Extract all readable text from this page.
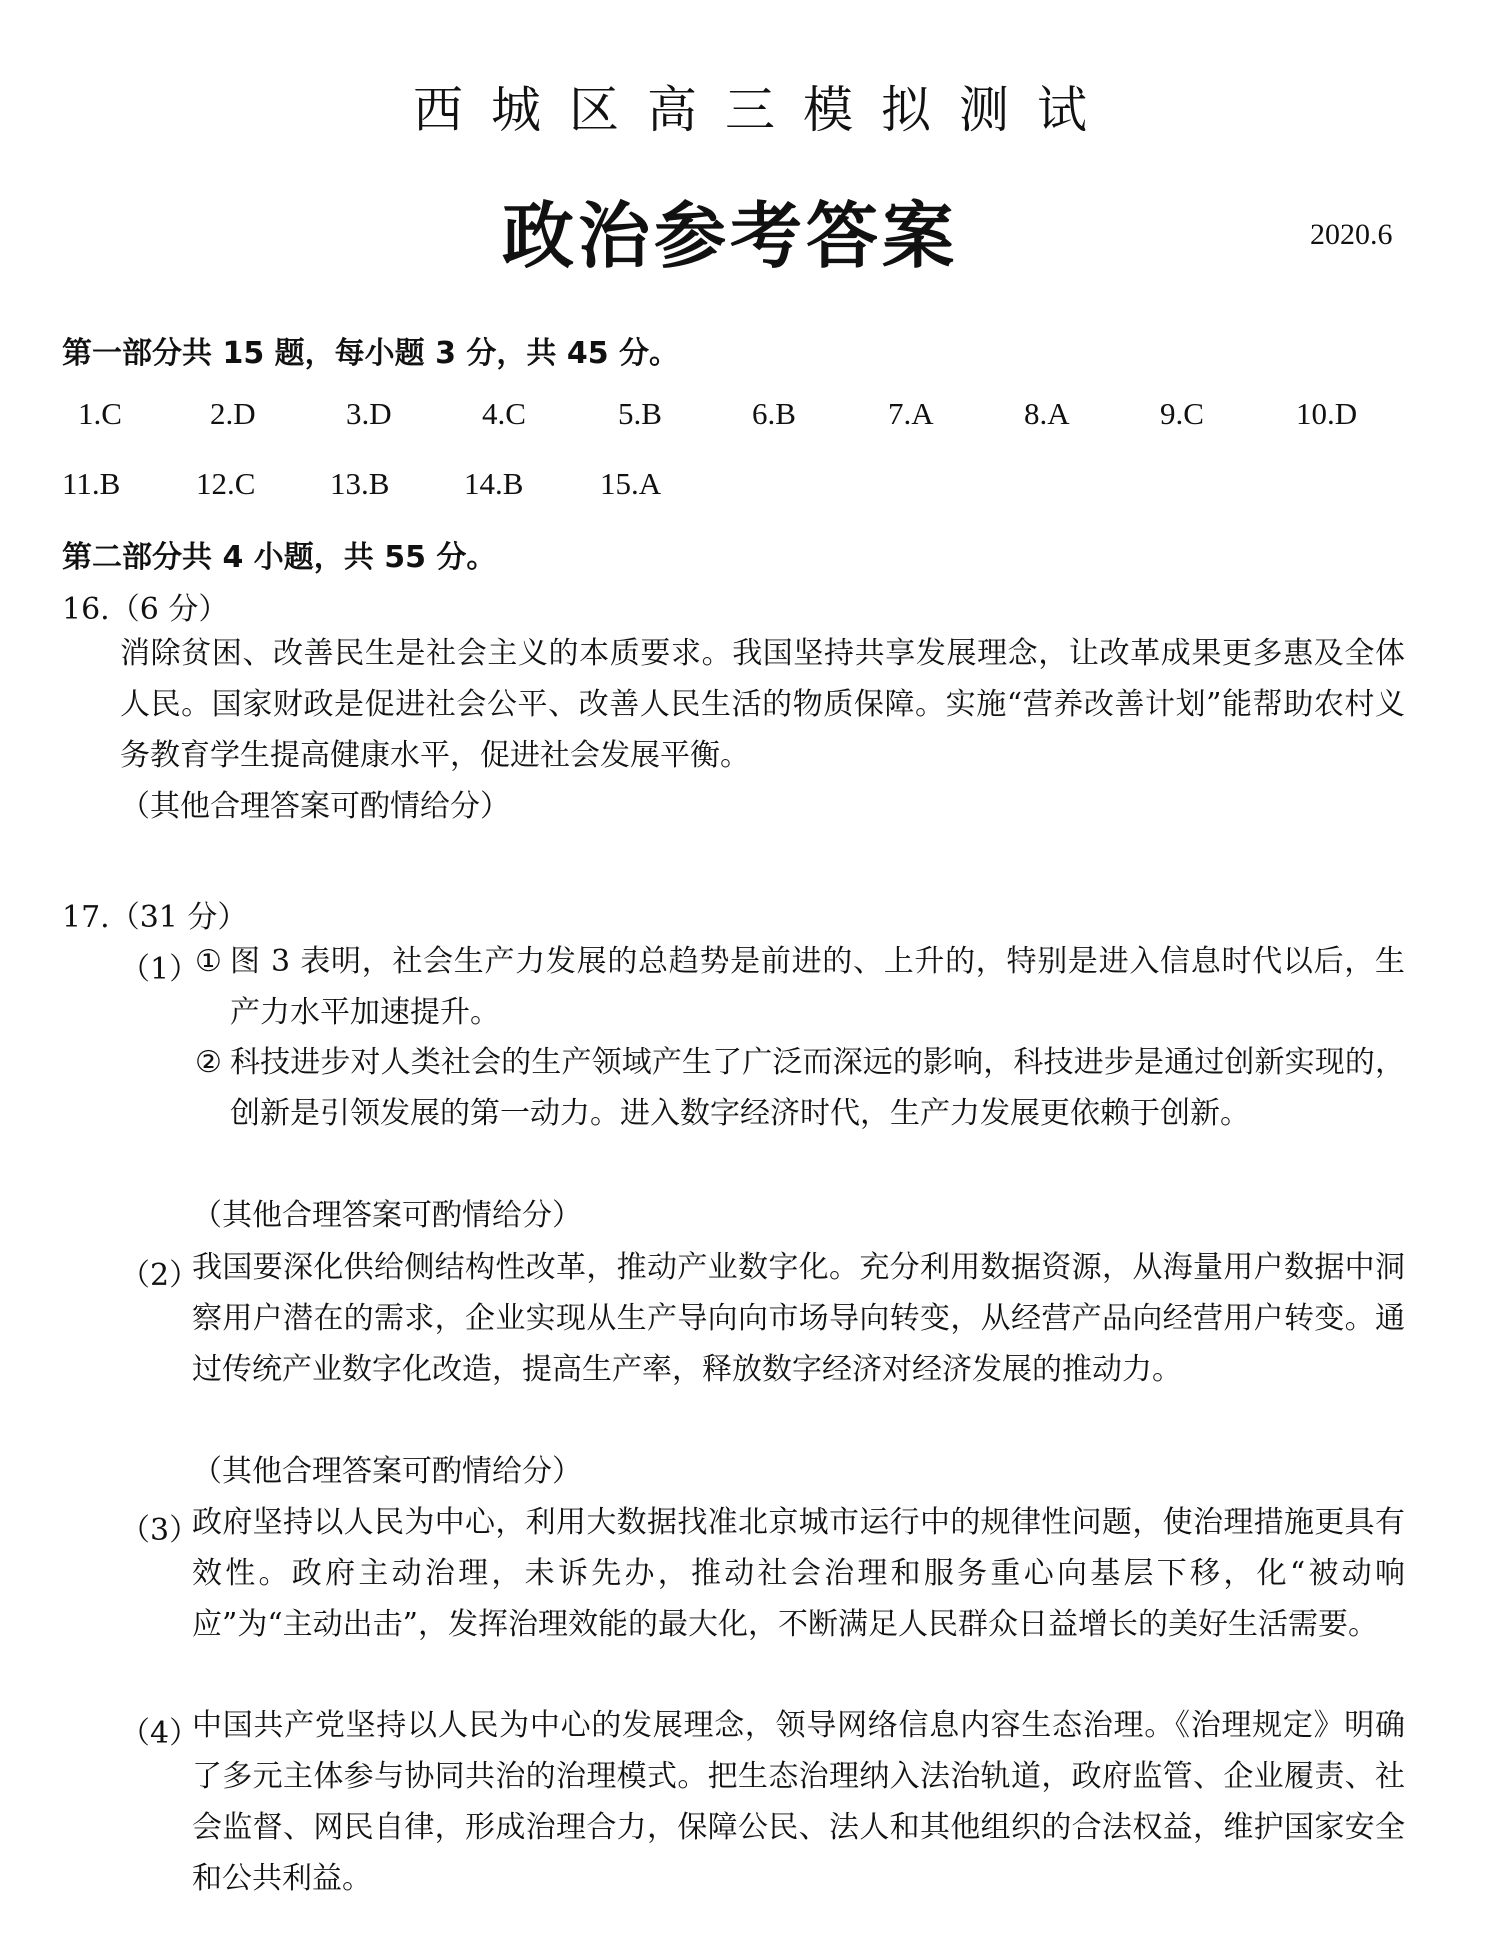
西城区高三模拟测试
政治参考答案	2020.6
第一部分共 15 题，每小题 3 分，共 45 分。
1.C	2.D	3.D	4.C	5.B	6.B	7.A	8.A	9.C	10.D
11.B 12.C 13.B 14.B 15.A
第二部分共 4 小题，共 55 分。
16.（6 分）
消除贫困、改善民生是社会主义的本质要求。我国坚持共享发展理念，让改革成果更多惠及全体人民。国家财政是促进社会公平、改善人民生活的物质保障。实施“营养改善计划”能帮助农村义务教育学生提高健康水平，促进社会发展平衡。
（其他合理答案可酌情给分）
17.（31 分）
（1）
① 图 3 表明，社会生产力发展的总趋势是前进的、上升的，特别是进入信息时代以后，生产力水平加速提升。
② 科技进步对人类社会的生产领域产生了广泛而深远的影响，科技进步是通过创新实现的，创新是引领发展的第一动力。进入数字经济时代，生产力发展更依赖于创新。
（其他合理答案可酌情给分）
（2）
我国要深化供给侧结构性改革，推动产业数字化。充分利用数据资源，从海量用户数据中洞察用户潜在的需求，企业实现从生产导向向市场导向转变，从经营产品向经营用户转变。通过传统产业数字化改造，提高生产率，释放数字经济对经济发展的推动力。
（其他合理答案可酌情给分）
（3）
政府坚持以人民为中心，利用大数据找准北京城市运行中的规律性问题，使治理措施更具有效性。政府主动治理，未诉先办，推动社会治理和服务重心向基层下移，化“被动响应”为“主动出击”，发挥治理效能的最大化，不断满足人民群众日益增长的美好生活需要。
（4）
中国共产党坚持以人民为中心的发展理念，领导网络信息内容生态治理。《治理规定》明确了多元主体参与协同共治的治理模式。把生态治理纳入法治轨道，政府监管、企业履责、社会监督、网民自律，形成治理合力，保障公民、法人和其他组织的合法权益，维护国家安全和公共利益。
